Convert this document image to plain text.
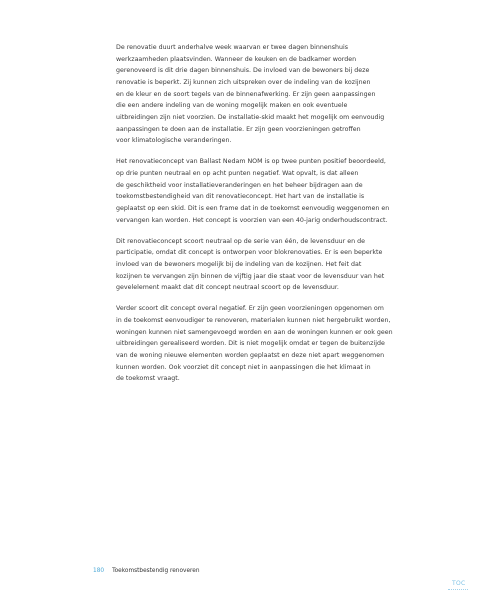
De renovatie duurt anderhalve week waarvan er twee dagen binnenshuis
werkzaamheden plaatsvinden. Wanneer de keuken en de badkamer worden
gerenoveerd is dit drie dagen binnenshuis. De invloed van de bewoners bij deze
renovatie is beperkt. Zij kunnen zich uitspreken over de indeling van de kozijnen
en de kleur en de soort tegels van de binnenafwerking. Er zijn geen aanpassingen
die een andere indeling van de woning mogelijk maken en ook eventuele
uitbreidingen zijn niet voorzien. De installatie-skid maakt het mogelijk om eenvoudig
aanpassingen te doen aan de installatie. Er zijn geen voorzieningen getroffen
voor klimatologische veranderingen.

Het renovatieconcept van Ballast Nedam NOM is op twee punten positief beoordeeld,
op drie punten neutraal en op acht punten negatief. Wat opvalt, is dat alleen
de geschiktheid voor installatieveranderingen en het beheer bijdragen aan de
toekomstbestendigheid van dit renovatieconcept. Het hart van de installatie is
geplaatst op een skid. Dit is een frame dat in de toekomst eenvoudig weggenomen en
vervangen kan worden. Het concept is voorzien van een 40-jarig onderhoudscontract.

Dit renovatieconcept scoort neutraal op de serie van één, de levensduur en de
participatie, omdat dit concept is ontworpen voor blokrenovaties. Er is een beperkte
invloed van de bewoners mogelijk bij de indeling van de kozijnen. Het feit dat
kozijnen te vervangen zijn binnen de vijftig jaar die staat voor de levensduur van het
gevelelement maakt dat dit concept neutraal scoort op de levensduur.

Verder scoort dit concept overal negatief. Er zijn geen voorzieningen opgenomen om
in de toekomst eenvoudiger te renoveren, materialen kunnen niet hergebruikt worden,
woningen kunnen niet samengevoegd worden en aan de woningen kunnen er ook geen
uitbreidingen gerealiseerd worden. Dit is niet mogelijk omdat er tegen de buitenzijde
van de woning nieuwe elementen worden geplaatst en deze niet apart weggenomen
kunnen worden. Ook voorziet dit concept niet in aanpassingen die het klimaat in
de toekomst vraagt.

180 Toekomstbestendig renoveren
TOC
